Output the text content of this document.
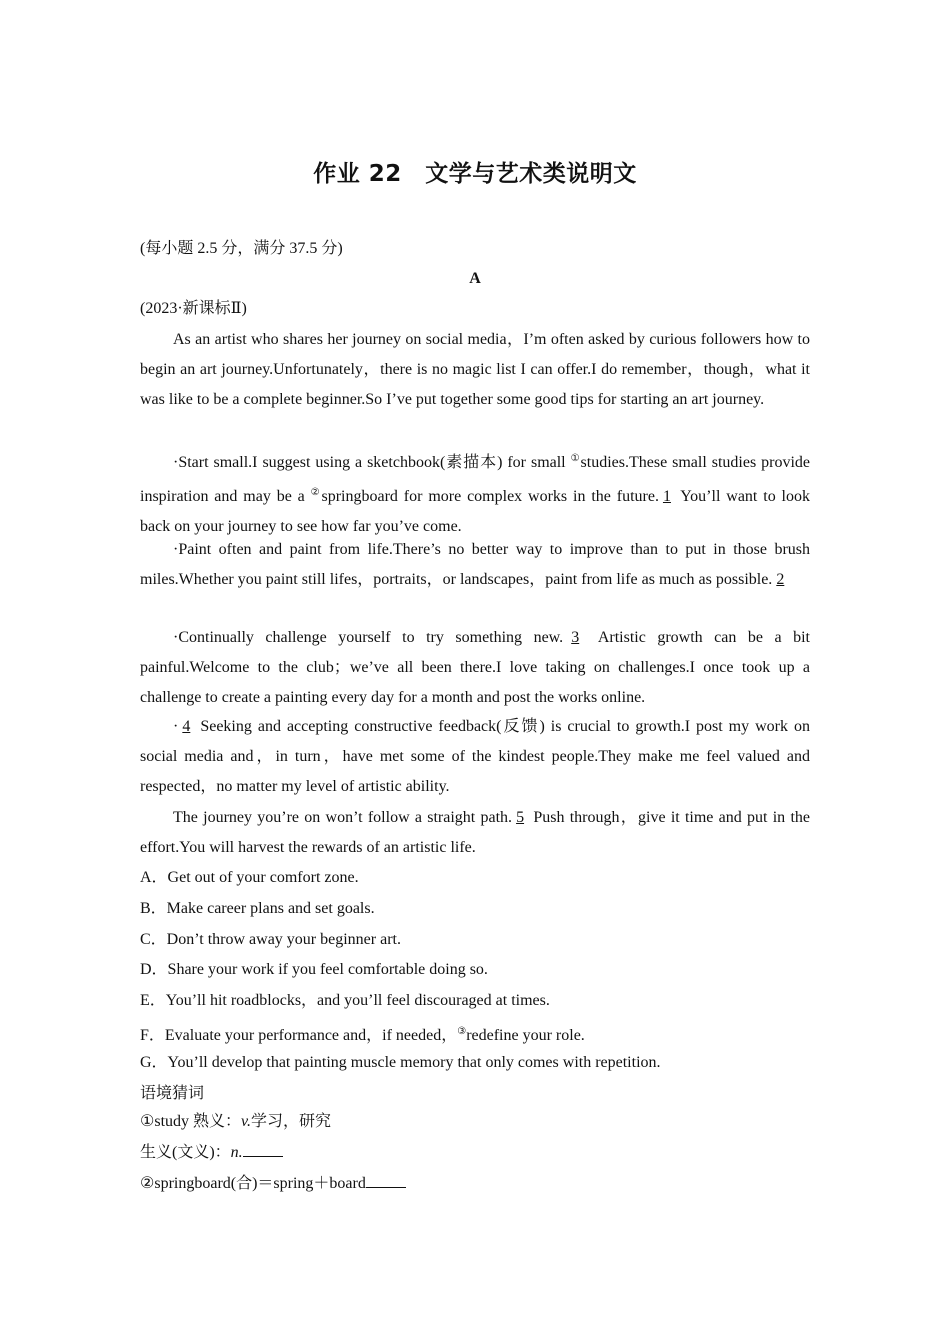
作业 22　文学与艺术类说明文
(每小题 2.5 分，满分 37.5 分)
A
(2023·新课标Ⅱ)
As an artist who shares her journey on social media，I’m often asked by curious followers how to begin an art journey.Unfortunately，there is no magic list I can offer.I do remember，though，what it was like to be a complete beginner.So I’ve put together some good tips for starting an art journey.
·Start small.I suggest using a sketchbook(素描本) for small ①studies.These small studies provide inspiration and may be a ②springboard for more complex works in the future. 1 You’ll want to look back on your journey to see how far you’ve come.
·Paint often and paint from life.There’s no better way to improve than to put in those brush miles.Whether you paint still lifes，portraits，or landscapes，paint from life as much as possible. 2
·Continually challenge yourself to try something new. 3 Artistic growth can be a bit painful.Welcome to the club；we’ve all been there.I love taking on challenges.I once took up a challenge to create a painting every day for a month and post the works online.
· 4 Seeking and accepting constructive feedback(反馈) is crucial to growth.I post my work on social media and，in turn，have met some of the kindest people.They make me feel valued and respected，no matter my level of artistic ability.
The journey you’re on won’t follow a straight path. 5 Push through，give it time and put in the effort.You will harvest the rewards of an artistic life.
A．Get out of your comfort zone.
B．Make career plans and set goals.
C．Don’t throw away your beginner art.
D．Share your work if you feel comfortable doing so.
E．You’ll hit roadblocks，and you’ll feel discouraged at times.
F．Evaluate your performance and，if needed，③redefine your role.
G．You’ll develop that painting muscle memory that only comes with repetition.
语境猜词
①study 熟义：v.学习，研究
生义(文义)：n.
②springboard(合)＝spring＋board
